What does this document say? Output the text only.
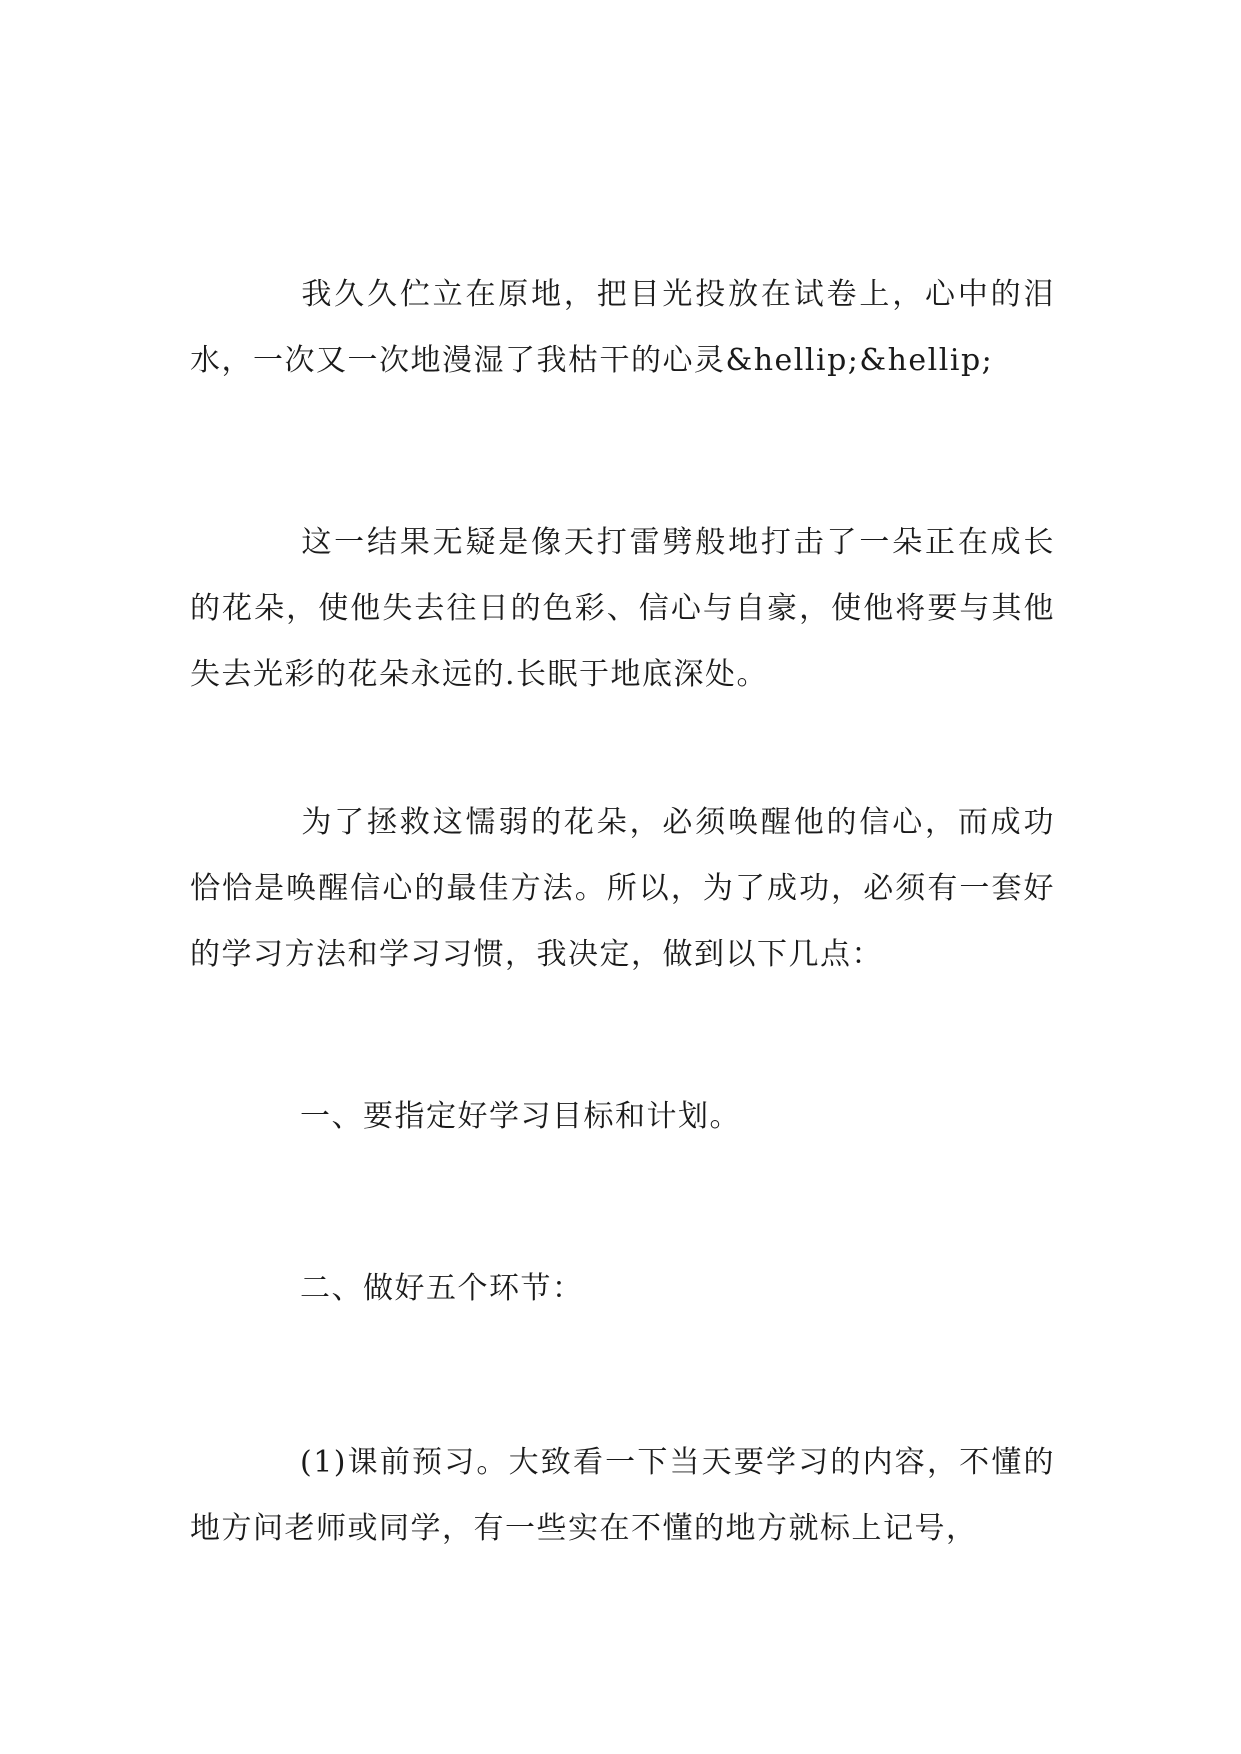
我久久伫立在原地，把目光投放在试卷上，心中的泪水，一次又一次地漫湿了我枯干的心灵&hellip;&hellip;

这一结果无疑是像天打雷劈般地打击了一朵正在成长的花朵，使他失去往日的色彩、信心与自豪，使他将要与其他失去光彩的花朵永远的.长眠于地底深处。

为了拯救这懦弱的花朵，必须唤醒他的信心，而成功恰恰是唤醒信心的最佳方法。所以，为了成功，必须有一套好的学习方法和学习习惯，我决定，做到以下几点：

一、要指定好学习目标和计划。

二、做好五个环节：

(1)课前预习。大致看一下当天要学习的内容，不懂的地方问老师或同学，有一些实在不懂的地方就标上记号，
